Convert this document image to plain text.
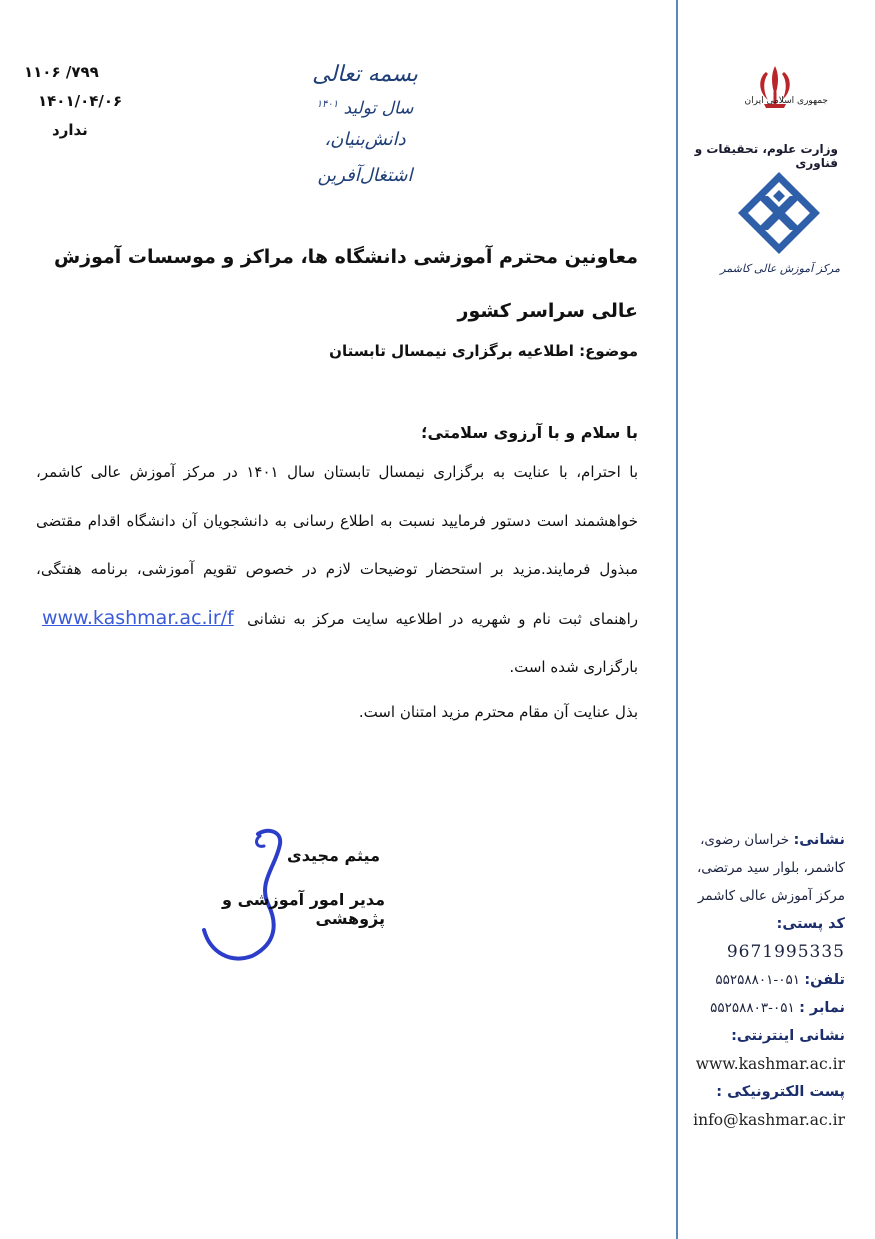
۷۹۹/ ۱۱۰۶
۱۴۰۱/۰۴/۰۶
ندارد
بسمه تعالی
سال تولید $^{۱۴۰۱}$
دانش‌بنیان، اشتغال‌آفرین
جمهوری اسلامی ایران
وزارت علوم، تحقیقات و فناوری
مرکز آموزش عالی کاشمر

معاونین محترم آموزشی دانشگاه ها، مراکز و موسسات آموزش عالی سراسر کشور

موضوع: اطلاعیه برگزاری نیمسال تابستان
با سلام و با آرزوی سلامتی؛
با احترام، با عنایت به برگزاری نیمسال تابستان سال ۱۴۰۱ در مرکز آموزش عالی کاشمر، خواهشمند است دستور فرمایید نسبت به اطلاع رسانی به دانشجویان آن دانشگاه اقدام مقتضی مبذول فرمایند.مزید بر استحضار توضیحات لازم در خصوص تقویم آموزشی، برنامه هفتگی، راهنمای ثبت نام و شهریه در اطلاعیه سایت مرکز به نشانی www.kashmar.ac.ir/f بارگزاری شده است.
بذل عنایت آن مقام محترم مزید امتنان است.
میثم مجیدی
مدیر امور آموزشی و پژوهشی
نشانی: خراسان رضوی،
کاشمر، بلوار سید مرتضی،
مرکز آموزش عالی کاشمر
کد پستی:
9671995335
تلفن: ۰۵۱-۵۵۲۵۸۸۰۱
نمابر : ۰۵۱-۵۵۲۵۸۸۰۳
نشانی اینترنتی:
www.kashmar.ac.ir
پست الکترونیکی :
info@kashmar.ac.ir
